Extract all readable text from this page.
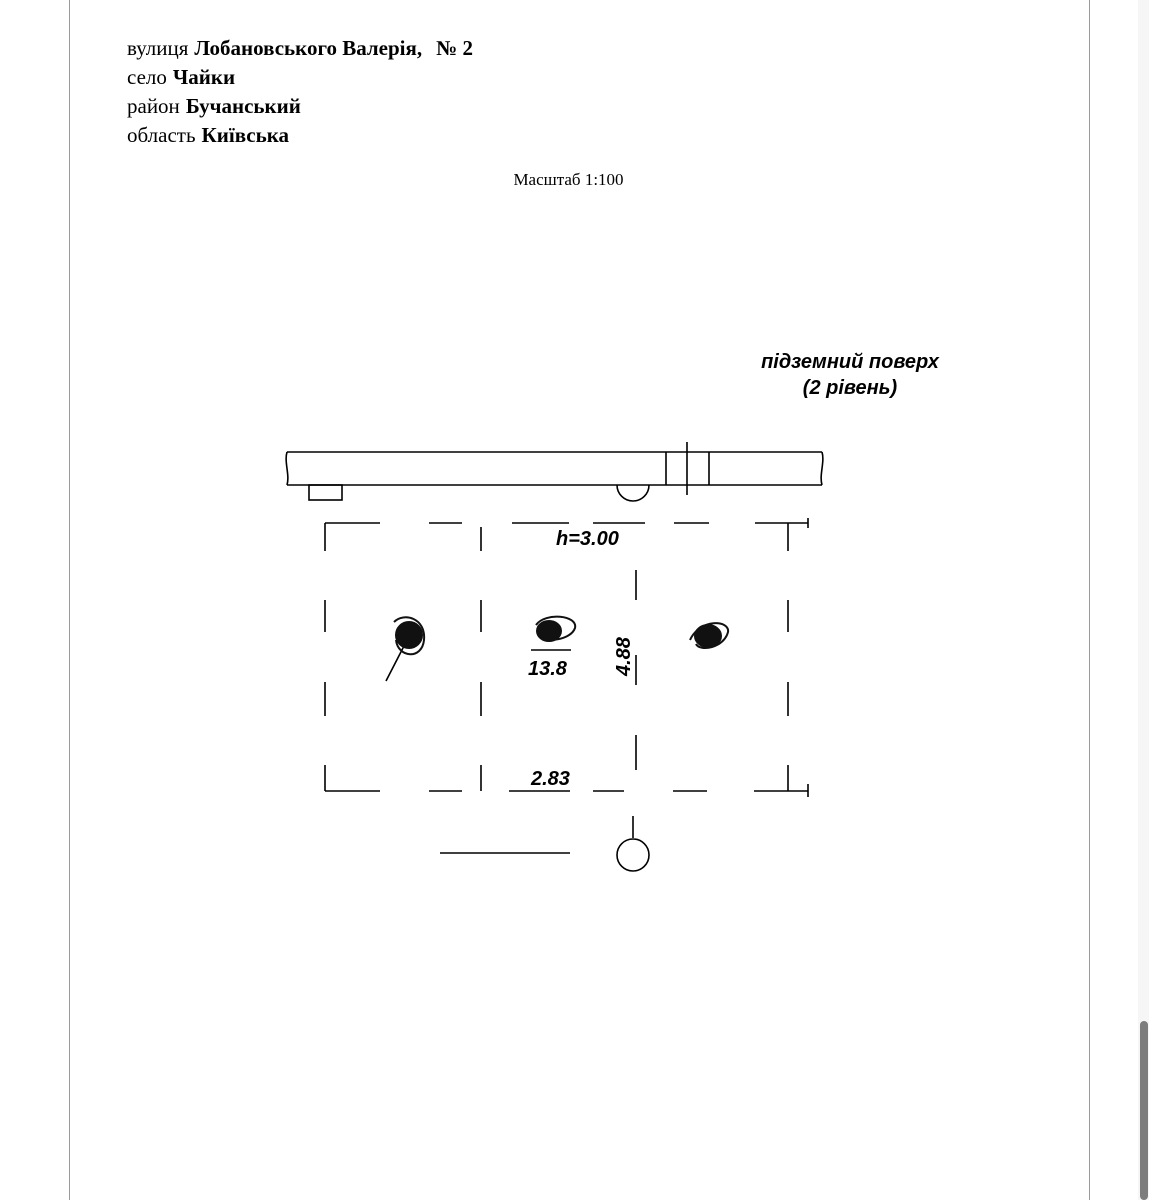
вулиця Лобановського Валерія, № 2
село Чайки
район Бучанський
область Київська
Масштаб 1:100
підземний поверх
(2 рівень)
h=3.00
13.8 4.88
2.83
